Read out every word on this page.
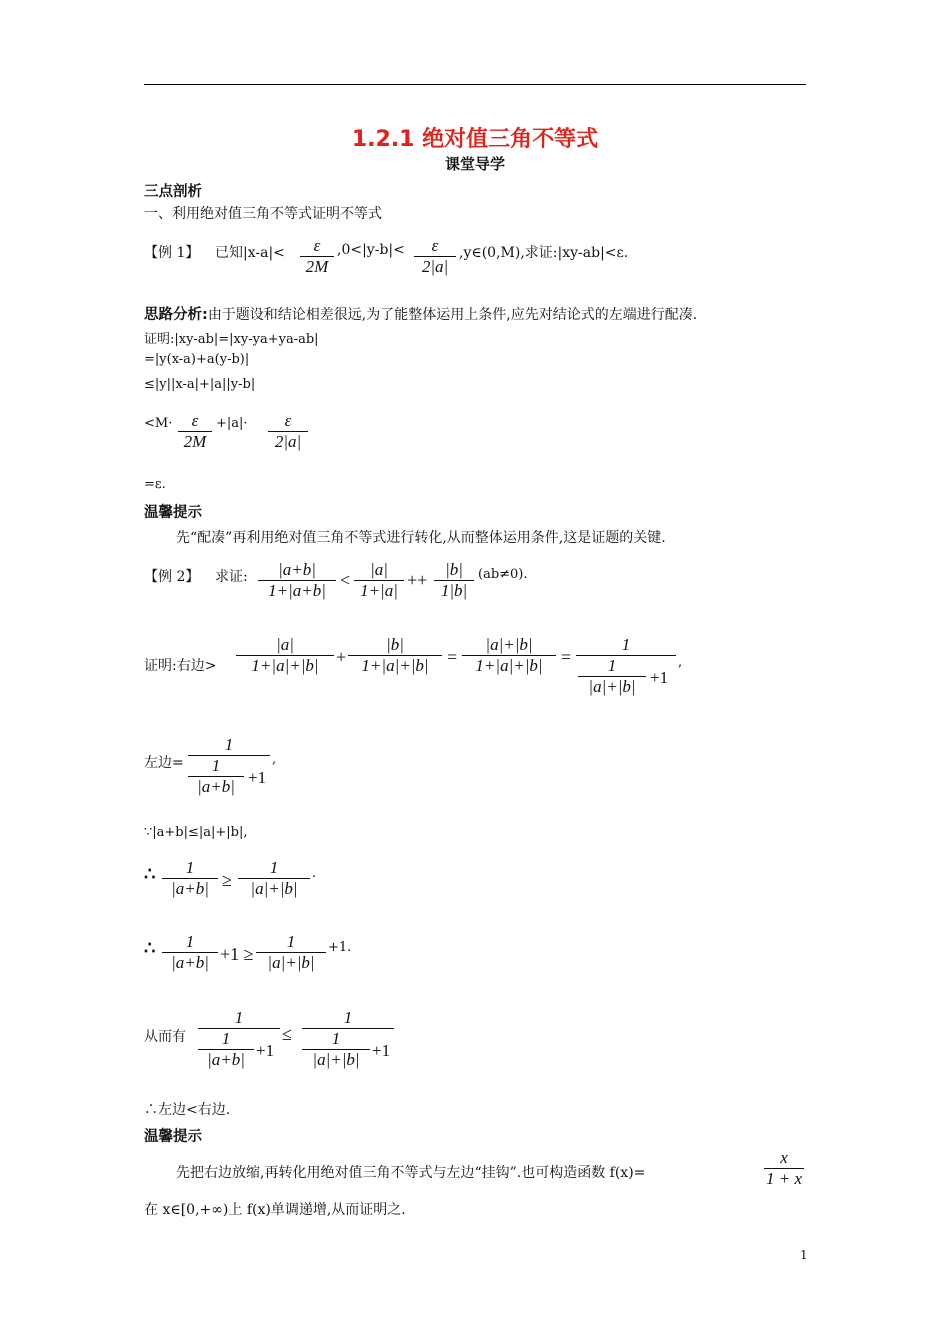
1.2.1 绝对值三角不等式
课堂导学
三点剖析
一、利用绝对值三角不等式证明不等式
【例 1】 已知|x-a|<	ε
2M
,0<|y-b|<	ε
2|a|
,y∈(0,M),求证:|xy-ab|<ε.
思路分析:由于题设和结论相差很远,为了能整体运用上条件,应先对结论式的左端进行配凑.
证明:|xy-ab|=|xy-ya+ya-ab|
=|y(x-a)+a(y-b)|
≤|y||x-a|+|a||y-b|
<M·	ε
2M
+|a|·	ε
2|a|
=ε.
温馨提示
先“配凑”再利用绝对值三角不等式进行转化,从而整体运用条件,这是证题的关键.
【例 2】 求证:	|a+b|
1+|a+b|
<
|a|
1+|a|
++
|b|
1|b|
(ab≠0).
证明:右边>
|a|
1+|a|+|b| +
|b|
1+|a|+|b|	=
|a|+|b|
1+|a|+|b|	=
1
1
|a|+|b| +1
,
左边=
1
1
|a+b| +1
,
∵|a+b|≤|a|+|b|,
∴	1
|a+b| ≥
1
|a|+|b|
.
∴	1
|a+b| +1 ≥
1
|a|+|b|
+1.
从而有
1
1
|a+b| +1
≤
1
1
|a|+|b| +1
∴左边<右边.
温馨提示
先把右边放缩,再转化用绝对值三角不等式与左边“挂钩”.也可构造函数 f(x)=
x
1 + x
在 x∈[0,+∞)上 f(x)单调递增,从而证明之.
1
